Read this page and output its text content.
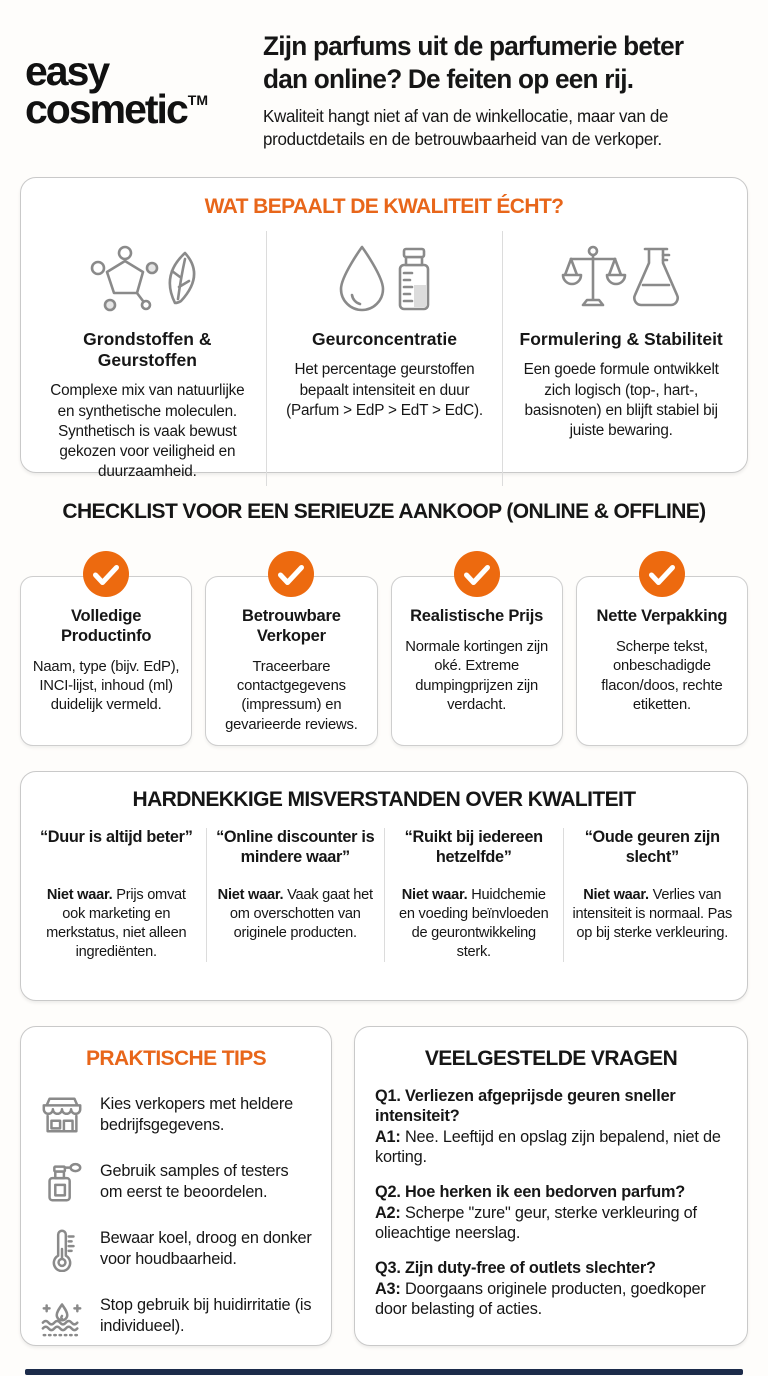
easy
cosmetic™
Zijn parfums uit de parfumerie beter
dan online? De feiten op een rij.
Kwaliteit hangt niet af van de winkellocatie, maar van de
productdetails en de betrouwbaarheid van de verkoper.
WAT BEPAALT DE KWALITEIT ÉCHT?
Grondstoffen & Geurstoffen
Complexe mix van natuurlijke en synthetische moleculen. Synthetisch is vaak bewust gekozen voor veiligheid en duurzaamheid.
Geurconcentratie
Het percentage geurstoffen bepaalt intensiteit en duur (Parfum > EdP > EdT > EdC).
Formulering & Stabiliteit
Een goede formule ontwikkelt zich logisch (top-, hart-, basisnoten) en blijft stabiel bij juiste bewaring.
CHECKLIST VOOR EEN SERIEUZE AANKOOP (ONLINE & OFFLINE)
Volledige Productinfo
Naam, type (bijv. EdP), INCI-lijst, inhoud (ml) duidelijk vermeld.
Betrouwbare Verkoper
Traceerbare contactgegevens (impressum) en gevarieerde reviews.
Realistische Prijs
Normale kortingen zijn oké. Extreme dumpingprijzen zijn verdacht.
Nette Verpakking
Scherpe tekst, onbeschadigde flacon/doos, rechte etiketten.
HARDNEKKIGE MISVERSTANDEN OVER KWALITEIT
“Duur is altijd beter”
Niet waar. Prijs omvat ook marketing en merkstatus, niet alleen ingrediënten.
“Online discounter is mindere waar”
Niet waar. Vaak gaat het om overschotten van originele producten.
“Ruikt bij iedereen hetzelfde”
Niet waar. Huidchemie en voeding beïnvloeden de geurontwikkeling sterk.
“Oude geuren zijn slecht”
Niet waar. Verlies van intensiteit is normaal. Pas op bij sterke verkleuring.
PRAKTISCHE TIPS
Kies verkopers met heldere bedrijfsgegevens.
Gebruik samples of testers om eerst te beoordelen.
Bewaar koel, droog en donker voor houdbaarheid.
Stop gebruik bij huidirritatie (is individueel).
VEELGESTELDE VRAGEN
Q1. Verliezen afgeprijsde geuren sneller intensiteit?
A1: Nee. Leeftijd en opslag zijn bepalend, niet de korting.
Q2. Hoe herken ik een bedorven parfum?
A2: Scherpe "zure" geur, sterke verkleuring of olieachtige neerslag.
Q3. Zijn duty-free of outlets slechter?
A3: Doorgaans originele producten, goedkoper door belasting of acties.
